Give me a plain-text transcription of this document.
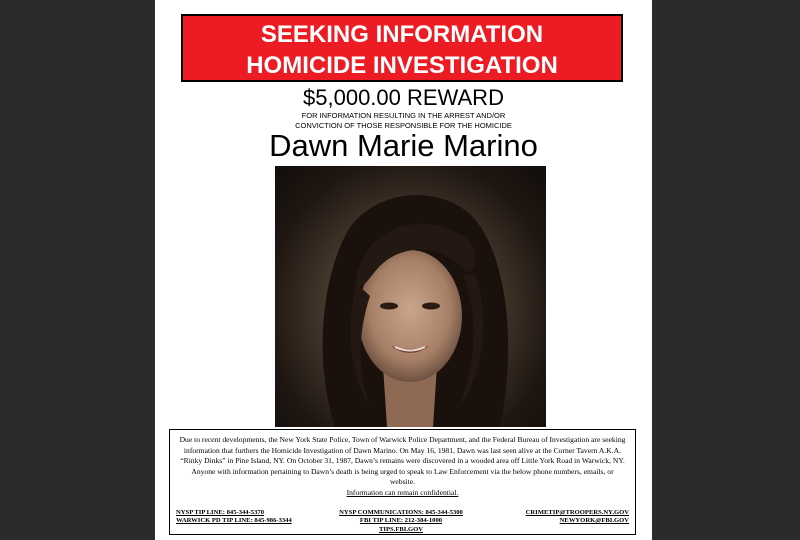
SEEKING INFORMATION
HOMICIDE INVESTIGATION
$5,000.00 REWARD
FOR INFORMATION RESULTING IN THE ARREST AND/OR
CONVICTION OF THOSE RESPONSIBLE FOR THE HOMICIDE
Dawn Marie Marino
Due to recent developments, the New York State Police, Town of Warwick Police Department, and the Federal Bureau of Investigation are seeking information that furthers the Homicide Investigation of Dawn Marino. On May 16, 1981, Dawn was last seen alive at the Corner Tavern A.K.A. “Rinky Dinks” in Pine Island, NY. On October 31, 1987, Dawn’s remains were discovered in a wooded area off Little York Road in Warwick, NY. Anyone with information pertaining to Dawn’s death is being urged to speak to Law Enforcement via the below phone numbers, emails, or website.
Information can remain confidential.
NYSP TIP LINE: 845-344-5370
WARWICK PD TIP LINE: 845-986-3344
NYSP COMMUNICATIONS: 845-344-5300
FBI TIP LINE: 212-384-1000
TIPS.FBI.GOV
CRIMETIP@TROOPERS.NY.GOV
NEWYORK@FBI.GOV
